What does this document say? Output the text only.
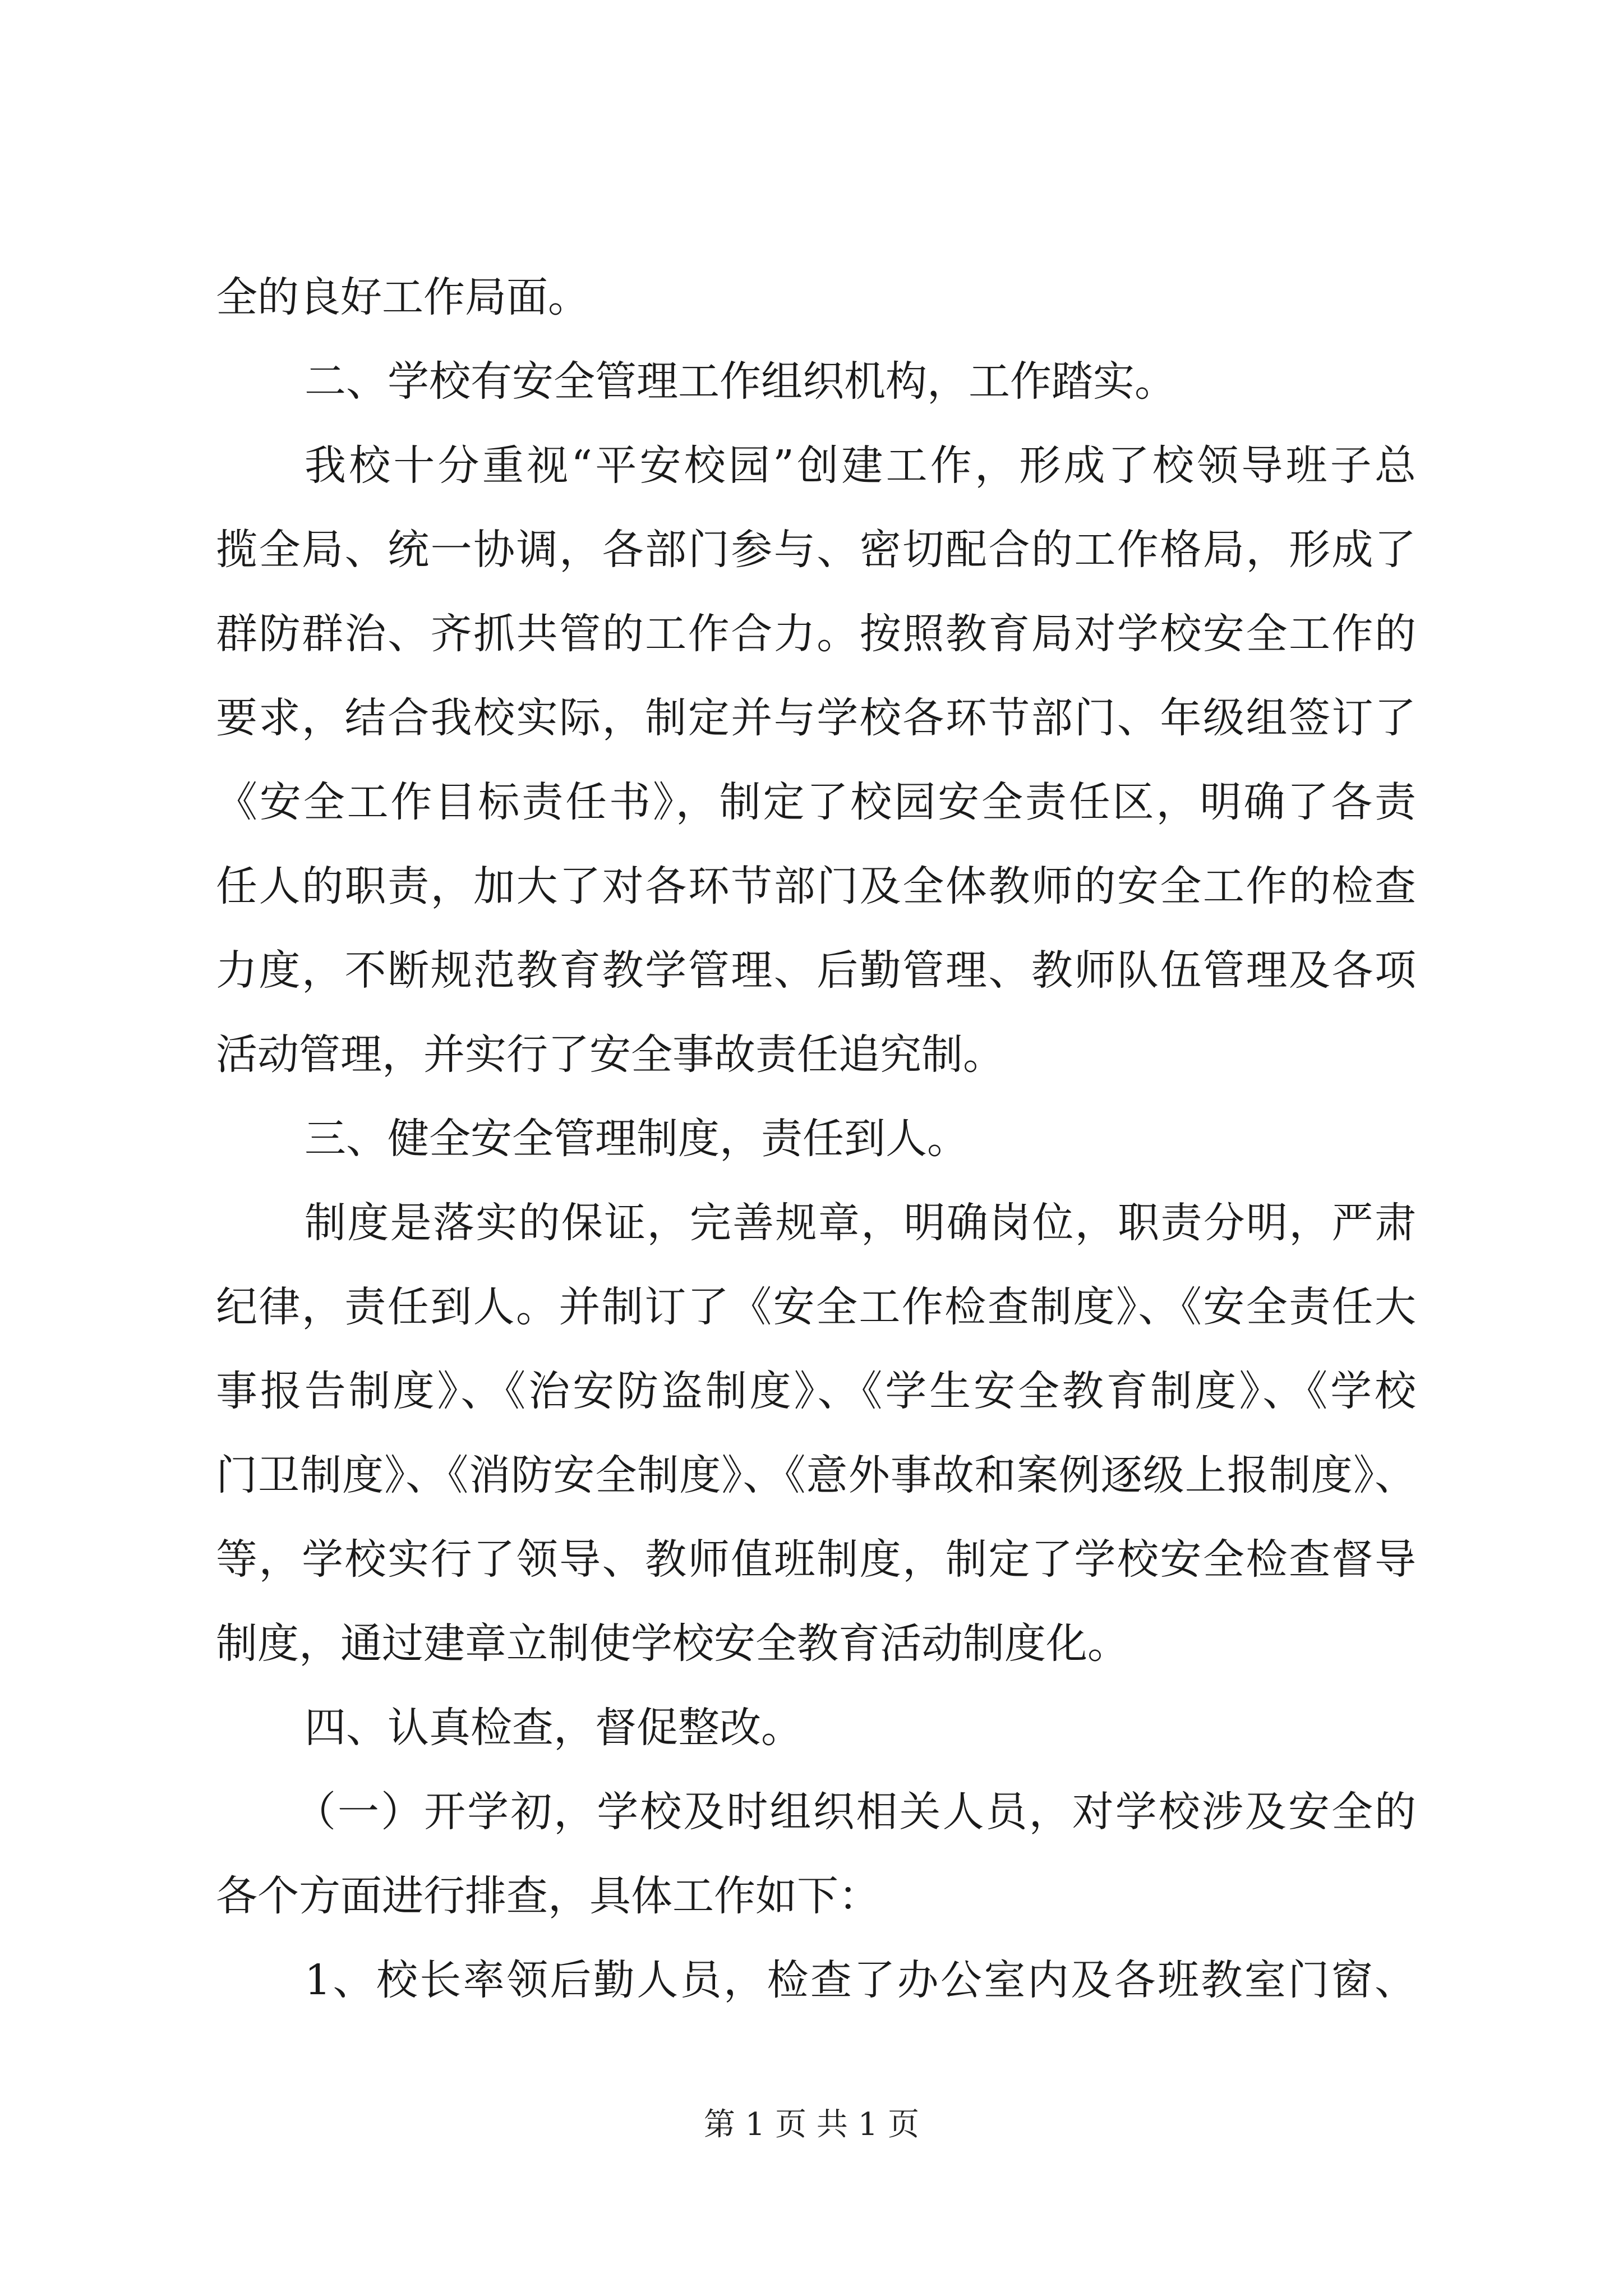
全的良好工作局面。
二、学校有安全管理工作组织机构，工作踏实。
我校十分重视“平安校园”创建工作，形成了校领导班子总
揽全局、统一协调，各部门参与、密切配合的工作格局，形成了
群防群治、齐抓共管的工作合力。按照教育局对学校安全工作的
要求，结合我校实际，制定并与学校各环节部门、年级组签订了
《安全工作目标责任书》，制定了校园安全责任区，明确了各责
任人的职责，加大了对各环节部门及全体教师的安全工作的检查
力度，不断规范教育教学管理、后勤管理、教师队伍管理及各项
活动管理，并实行了安全事故责任追究制。
三、健全安全管理制度，责任到人。
制度是落实的保证，完善规章，明确岗位，职责分明，严肃
纪律，责任到人。并制订了《安全工作检查制度》、《安全责任大
事报告制度》、《治安防盗制度》、《学生安全教育制度》、《学校
门卫制度》、《消防安全制度》、《意外事故和案例逐级上报制度》、
等，学校实行了领导、教师值班制度，制定了学校安全检查督导
制度，通过建章立制使学校安全教育活动制度化。
四、认真检查，督促整改。
（一）开学初，学校及时组织相关人员，对学校涉及安全的
各个方面进行排查，具体工作如下：
1、校长率领后勤人员，检查了办公室内及各班教室门窗、
第 1 页 共 1 页
